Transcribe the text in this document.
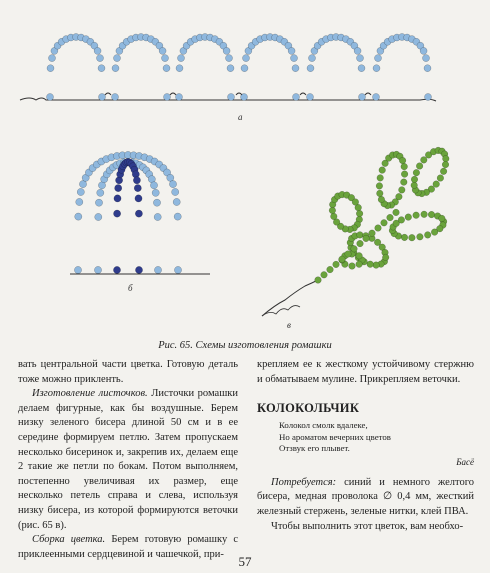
а
б
в
Рис. 65. Схемы изготовления ромашки

вать центральной части цветка. Готовую деталь тоже можно прикленть.

Изготовление листочков. Листочки ромашки делаем фигурные, как бы воздушные. Берем низку зеленого бисера длиной 50 см и в ее середине формируем петлю. Затем пропускаем несколько бисеринок и, закрепив их, делаем еще 2 такие же петли по бокам. Потом выполняем, постепенно увеличивая их размер, еще несколько петель справа и слева, используя низку бисера, из которой формируются веточки (рис. 65 в).

Сборка цветка. Берем готовую ромашку с приклеенными сердцевиной и чашечкой, при-

крепляем ее к жесткому устойчивому стержню и обматываем мулине. Прикрепляем веточки.

КОЛОКОЛЬЧИК
Колокол смолк вдалеке,
Но ароматом вечерних цветов
Отзвук его плывет.
Басё

Потребуется: синий и немного желтого бисера, медная проволока ∅ 0,4 мм, жесткий железный стержень, зеленые нитки, клей ПВА.

Чтобы выполнить этот цветок, вам необхо-

57
